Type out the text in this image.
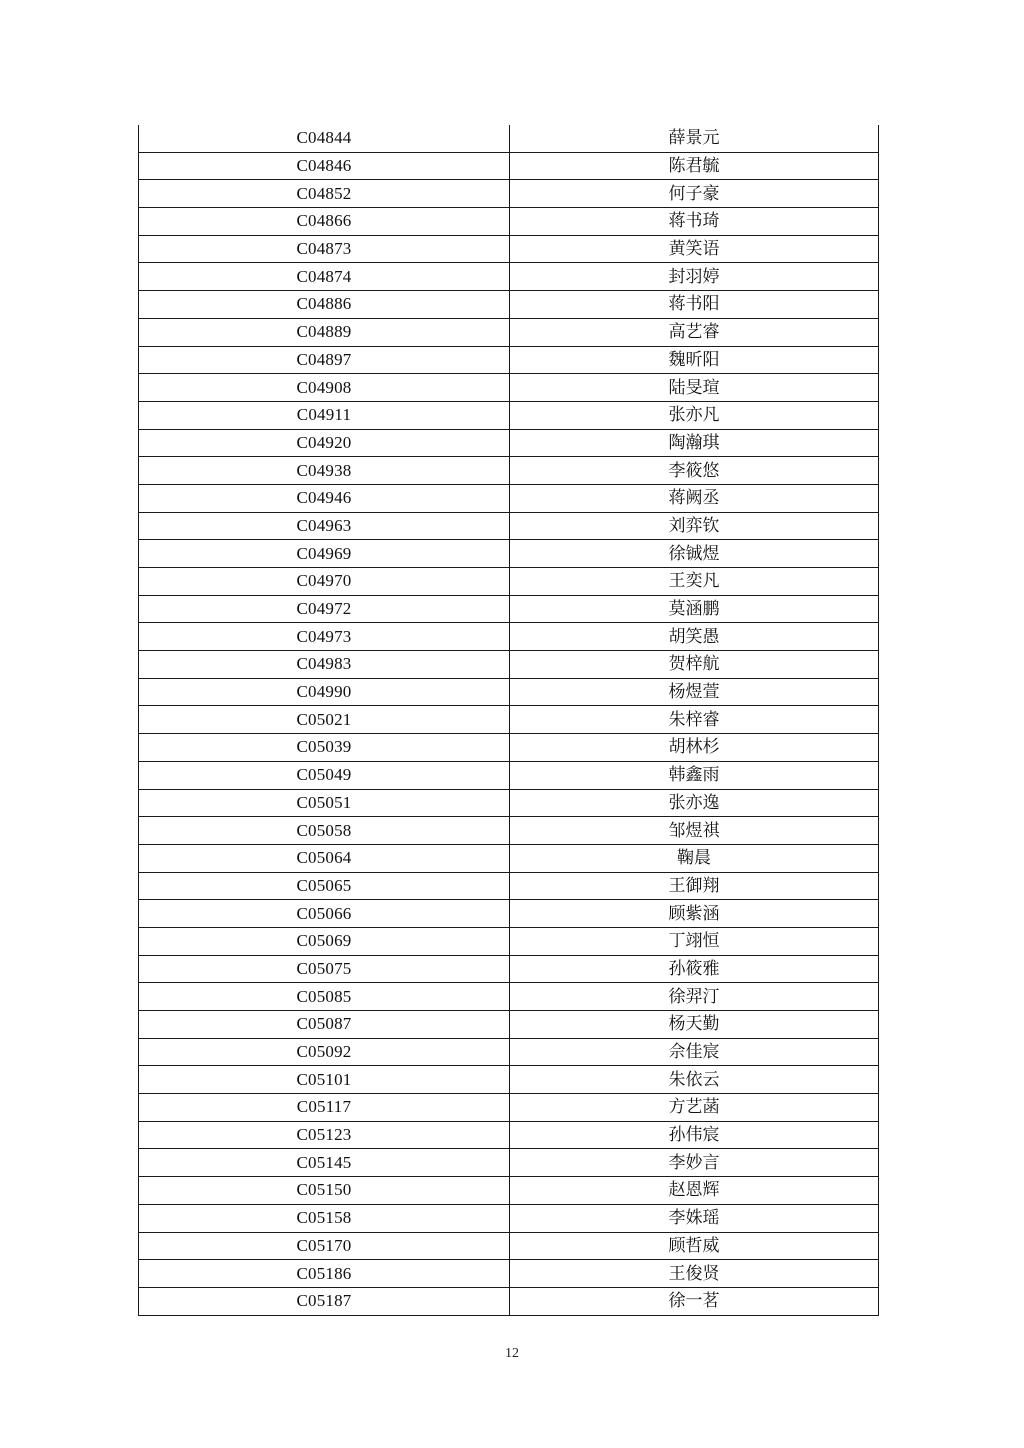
C04844	薛景元
C04846	陈君毓
C04852	何子豪
C04866	蒋书琦
C04873	黄笑语
C04874	封羽婷
C04886	蒋书阳
C04889	高艺睿
C04897	魏昕阳
C04908	陆旻瑄
C04911	张亦凡
C04920	陶瀚琪
C04938	李筱悠
C04946	蒋阙丞
C04963	刘弈钦
C04969	徐铖煜
C04970	王奕凡
C04972	莫涵鹏
C04973	胡笑愚
C04983	贺梓航
C04990	杨煜萱
C05021	朱梓睿
C05039	胡林杉
C05049	韩鑫雨
C05051	张亦逸
C05058	邹煜祺
C05064	鞠晨
C05065	王御翔
C05066	顾紫涵
C05069	丁翊恒
C05075	孙筱雅
C05085	徐羿汀
C05087	杨天勤
C05092	佘佳宸
C05101	朱依云
C05117	方艺菡
C05123	孙伟宸
C05145	李妙言
C05150	赵恩辉
C05158	李姝瑶
C05170	顾哲威
C05186	王俊贤
C05187	徐一茗
12
